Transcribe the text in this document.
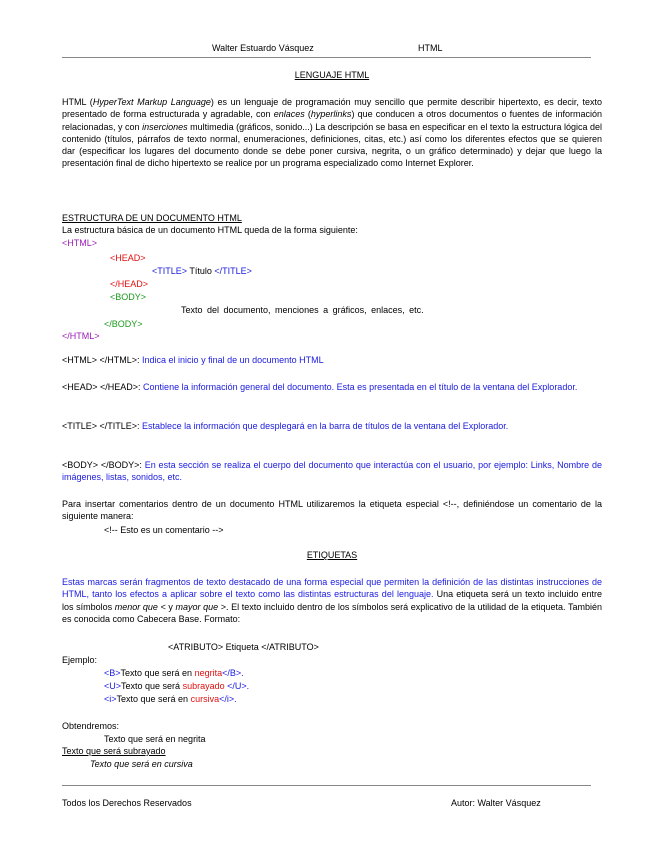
Walter Estuardo Vásquez	HTML
LENGUAJE HTML
HTML (HyperText Markup Language) es un lenguaje de programación muy sencillo que permite describir hipertexto, es decir, texto presentado de forma estructurada y agradable, con enlaces (hyperlinks) que conducen a otros documentos o fuentes de información relacionadas, y con inserciones multimedia (gráficos, sonido...) La descripción se basa en especificar en el texto la estructura lógica del contenido (títulos, párrafos de texto normal, enumeraciones, definiciones, citas, etc.) así como los diferentes efectos que se quieren dar (especificar los lugares del documento donde se debe poner cursiva, negrita, o un gráfico determinado) y dejar que luego la presentación final de dicho hipertexto se realice por un programa especializado como Internet Explorer.
ESTRUCTURA DE UN DOCUMENTO HTML
La estructura básica de un documento HTML queda de la forma siguiente:
<HTML>
<HEAD>
<TITLE> Título </TITLE>
</HEAD>
<BODY>
Texto del documento, menciones a gráficos, enlaces, etc.
</BODY>
</HTML>
<HTML> </HTML>: Indica el inicio y final de un documento HTML
<HEAD> </HEAD>: Contiene la información general del documento. Esta es presentada en el título de la ventana del Explorador.
<TITLE> </TITLE>: Establece la información que desplegará en la barra de títulos de la ventana del Explorador.
<BODY> </BODY>: En esta sección se realiza el cuerpo del documento que interactúa con el usuario, por ejemplo: Links, Nombre de imágenes, listas, sonidos, etc.
Para insertar comentarios dentro de un documento HTML utilizaremos la etiqueta especial <!--, definiéndose un comentario de la siguiente manera:
<!-- Esto es un comentario -->
ETIQUETAS
Estas marcas serán fragmentos de texto destacado de una forma especial que permiten la definición de las distintas instrucciones de HTML, tanto los efectos a aplicar sobre el texto como las distintas estructuras del lenguaje. Una etiqueta será un texto incluido entre los símbolos menor que < y mayor que >. El texto incluido dentro de los símbolos será explicativo de la utilidad de la etiqueta. También es conocida como Cabecera Base. Formato:
<ATRIBUTO> Etiqueta </ATRIBUTO>
Ejemplo:
<B>Texto que será en negrita</B>.
<U>Texto que será subrayado </U>.
<i>Texto que será en cursiva</i>.
Obtendremos:
Texto que será en negrita
Texto que será subrayado
Texto que será en cursiva
Todos los Derechos Reservados	Autor: Walter Vásquez
